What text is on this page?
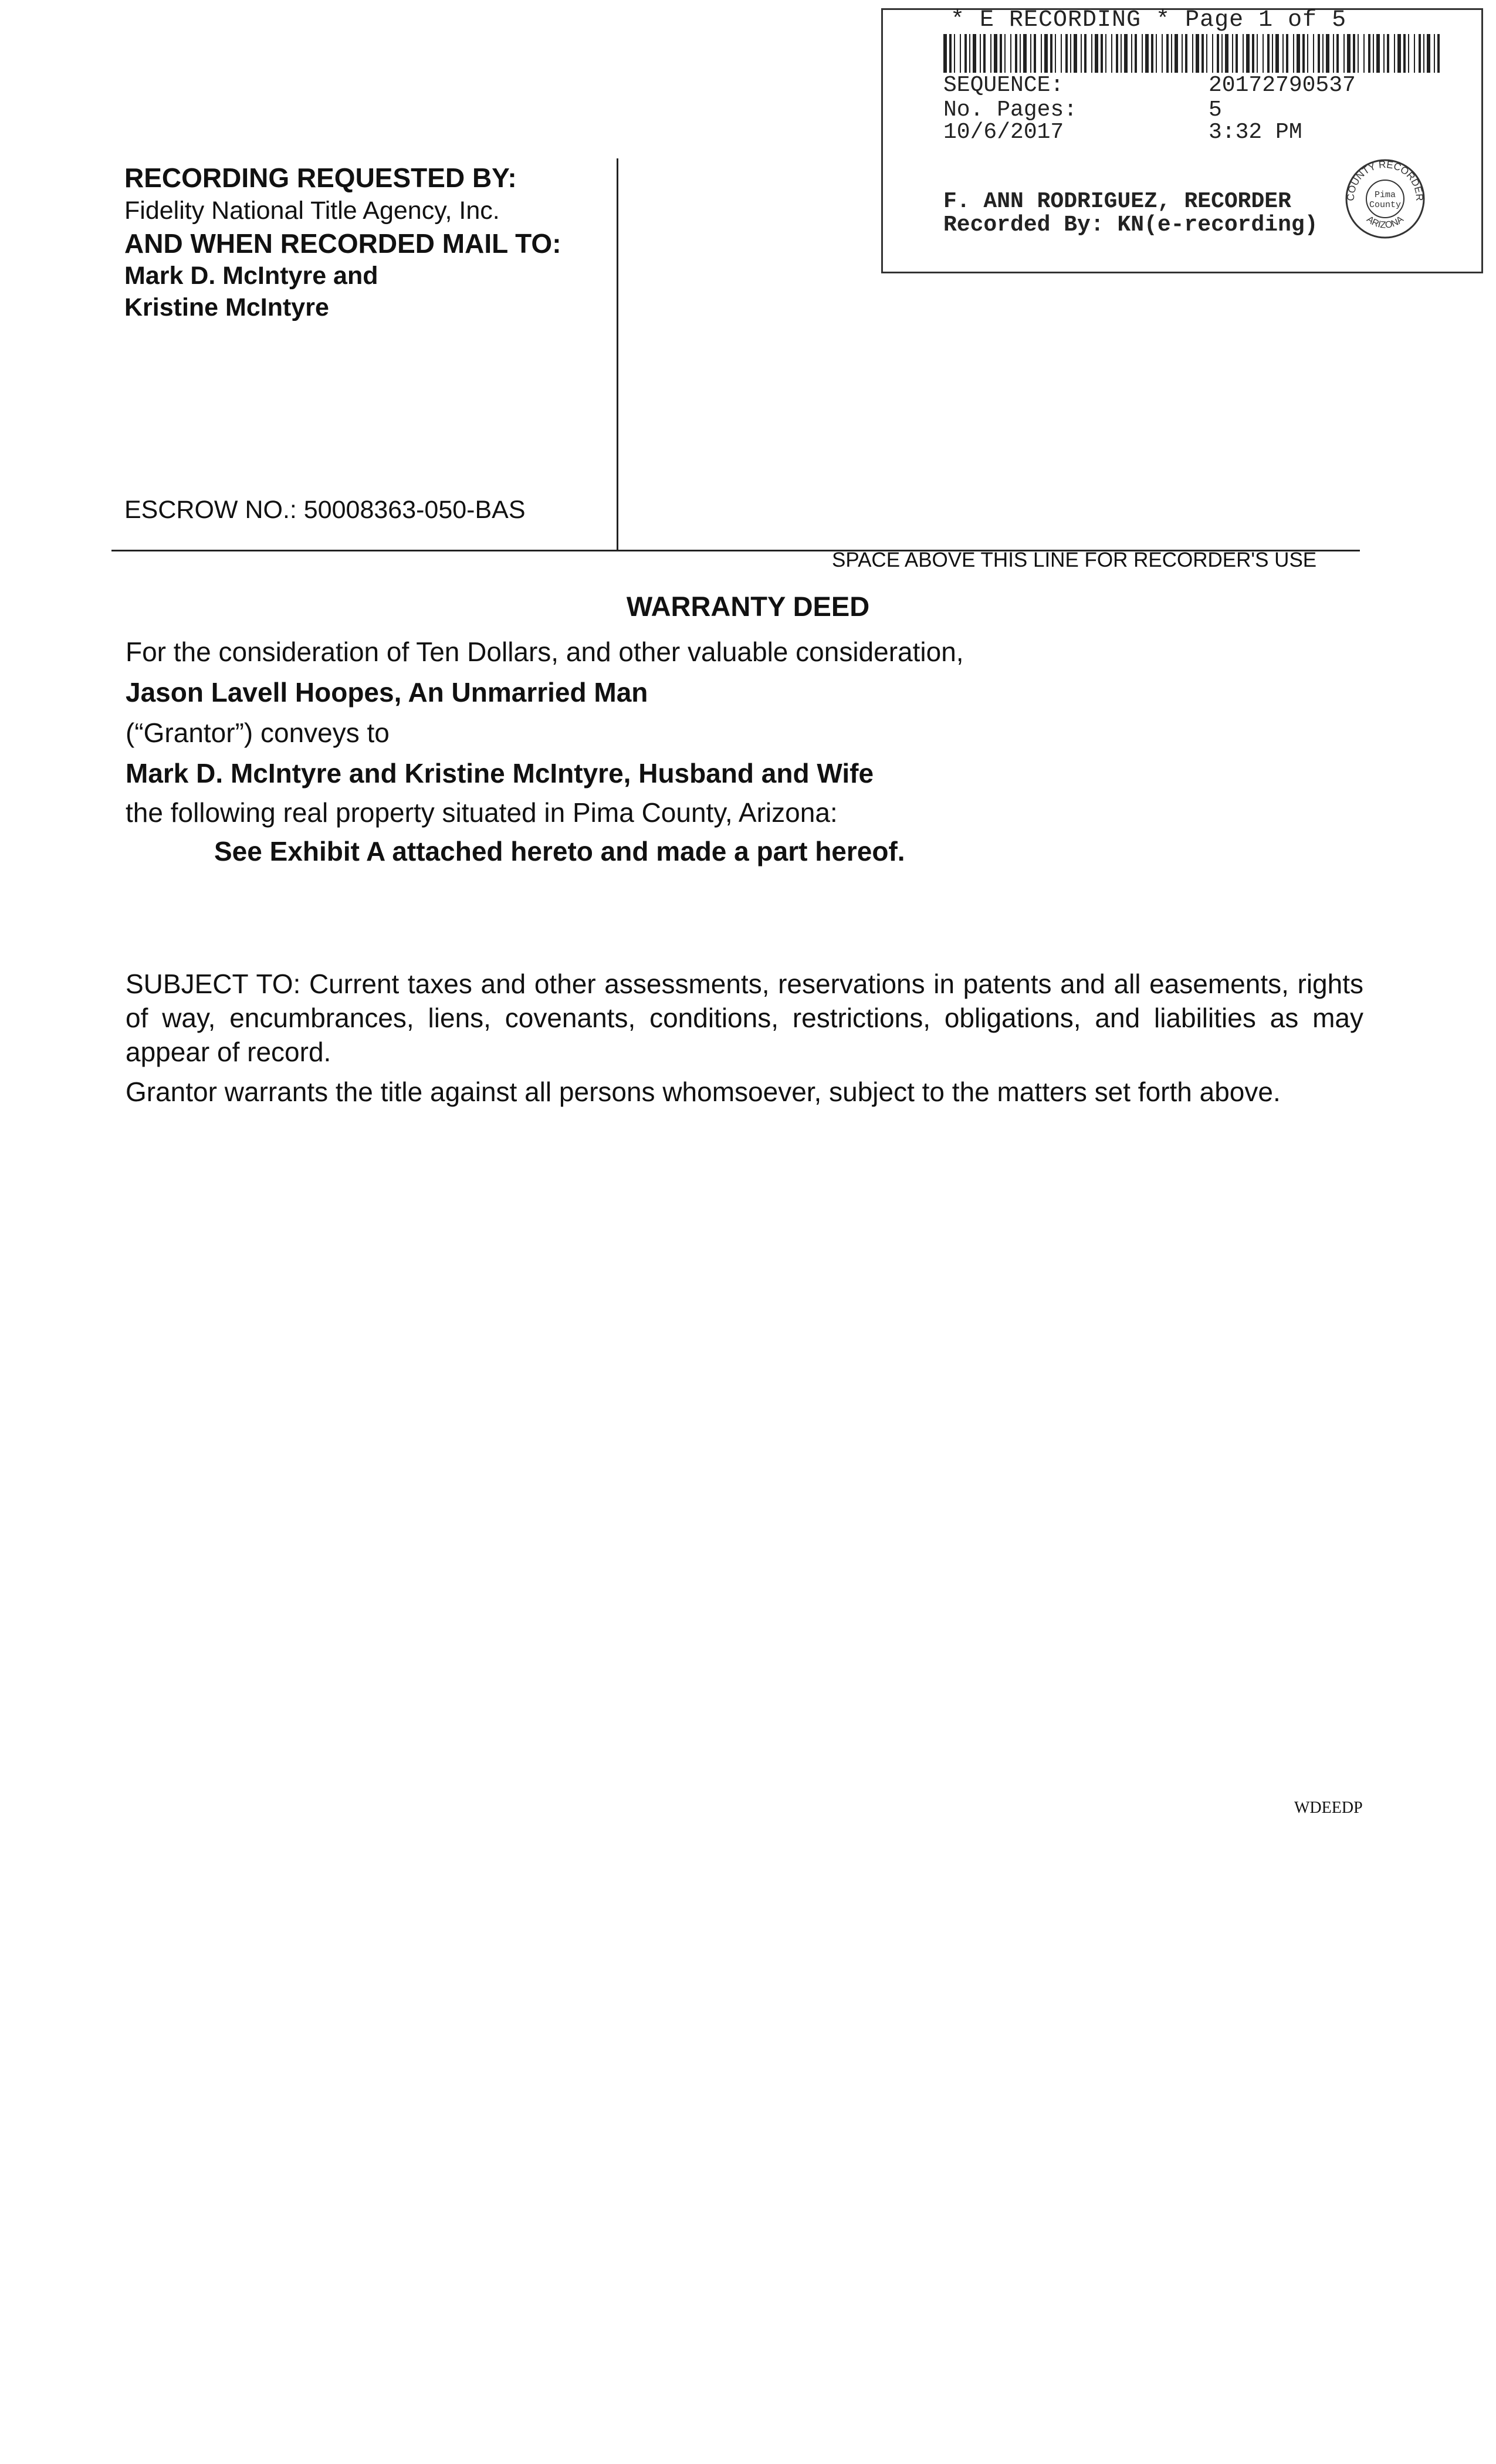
* E RECORDING * Page 1 of 5
SEQUENCE:	20172790537
No. Pages:	5
10/6/2017	3:32 PM
F. ANN RODRIGUEZ, RECORDER
Recorded By: KN(e-recording)
COUNTY RECORDER
ARIZONA
Pima
County
RECORDING REQUESTED BY:
Fidelity National Title Agency, Inc.
AND WHEN RECORDED MAIL TO:
Mark D. McIntyre and
Kristine McIntyre
ESCROW NO.: 50008363-050-BAS
SPACE ABOVE THIS LINE FOR RECORDER'S USE
WARRANTY DEED
For the consideration of Ten Dollars, and other valuable consideration,
Jason Lavell Hoopes, An Unmarried Man
(“Grantor”) conveys to
Mark D. McIntyre and Kristine McIntyre, Husband and Wife
the following real property situated in Pima County, Arizona:
See Exhibit A attached hereto and made a part hereof.
SUBJECT TO: Current taxes and other assessments, reservations in patents and all easements, rights of way, encumbrances, liens, covenants, conditions, restrictions, obligations, and liabilities as may appear of record.
Grantor warrants the title against all persons whomsoever, subject to the matters set forth above.
WDEEDP
